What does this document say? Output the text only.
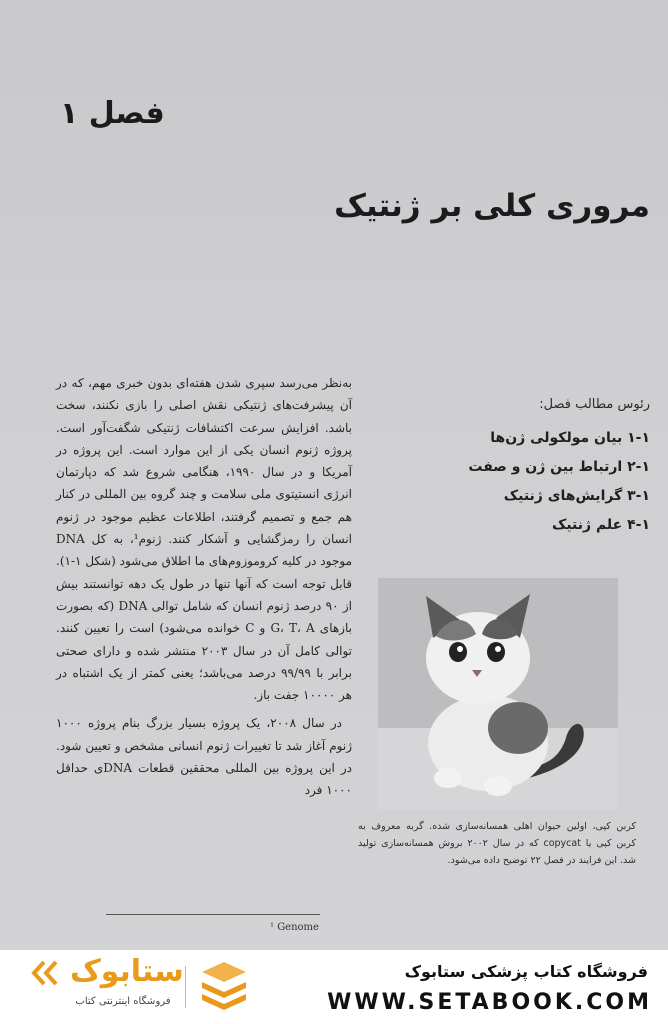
فصل ۱
مروری کلی بر ژنتیک
رئوس مطالب فصل:
۱-۱ بیان مولکولی ژن‌ها
۲-۱ ارتباط بین ژن و صفت
۳-۱ گرایش‌های ژنتیک
۴-۱ علم ژنتیک

به‌نظر می‌رسد سپری شدن هفته‌ای بدون خبری مهم، که در آن پیشرفت‌های ژنتیکی نقش اصلی را بازی نکنند، سخت باشد. افزایش سرعت اکتشافات ژنتیکی شگفت‌آور است. پروژه ژنوم انسان یکی از این موارد است. این پروژه در آمریکا و در سال ۱۹۹۰، هنگامی شروع شد که دپارتمان انرژی انستیتوی ملی سلامت و چند گروه بین المللی در کنار هم جمع و تصمیم گرفتند، اطلاعات عظیم موجود در ژنوم انسان را رمزگشایی و آشکار کنند. ژنوم¹، به کل DNA موجود در کلیه کروموزوم‌های ما اطلاق می‌شود (شکل ۱-۱). قابل توجه است که آنها تنها در طول یک دهه توانستند بیش از ۹۰ درصد ژنوم انسان که شامل توالی DNA (که بصورت بازهای G، T، A و C خوانده می‌شود) است را تعیین کنند. توالی کامل آن در سال ۲۰۰۳ منتشر شده و دارای صحتی برابر با ۹۹/۹۹ درصد می‌باشد؛ یعنی کمتر از یک اشتباه در هر ۱۰۰۰۰ جفت باز.

در سال ۲۰۰۸، یک پروژه بسیار بزرگ بنام پروژه ۱۰۰۰ ژنوم آغاز شد تا تغییرات ژنوم انسانی مشخص و تعیین شود. در این پروژه بین المللی محققین قطعات DNAی حداقل ۱۰۰۰ فرد

کربن کپی، اولین حیوان اهلی همسانه‌سازی شده. گربه معروف به کربن کپی یا copycat که در سال ۲۰۰۲ بروش همسانه‌سازی تولید شد. این فرایند در فصل ۲۲ توضیح داده می‌شود.
¹ Genome
ستابوک
فروشگاه اینترنتی کتاب
فروشگاه کتاب پزشکی ستابوک
WWW.SETABOOK.COM
